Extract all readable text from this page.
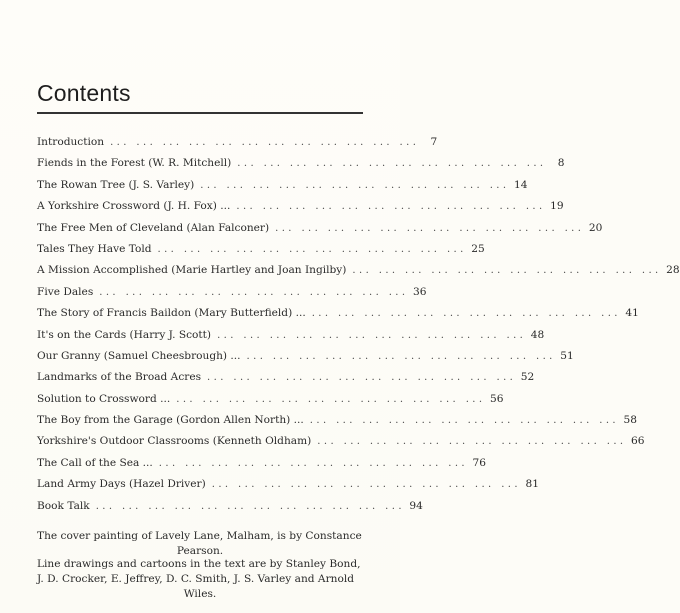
Contents
Introduction ... ... ... ... ... ... ... ... ... ... ... ...	7
Fiends in the Forest (W. R. Mitchell) ... ... ... ... ... ... ... ... ... ... ... ...	8
The Rowan Tree (J. S. Varley) ... ... ... ... ... ... ... ... ... ... ... ... 14
A Yorkshire Crossword (J. H. Fox) ... ... ... ... ... ... ... ... ... ... ... ... ... 19
The Free Men of Cleveland (Alan Falconer) ... ... ... ... ... ... ... ... ... ... ... ... 20
Tales They Have Told ... ... ... ... ... ... ... ... ... ... ... ... 25
A Mission Accomplished (Marie Hartley and Joan Ingilby) ... ... ... ... ... ... ... ... ... ... ... ... 28
Five Dales ... ... ... ... ... ... ... ... ... ... ... ... 36
The Story of Francis Baildon (Mary Butterfield) ... ... ... ... ... ... ... ... ... ... ... ... ... 41
It's on the Cards (Harry J. Scott) ... ... ... ... ... ... ... ... ... ... ... ... 48
Our Granny (Samuel Cheesbrough) ... ... ... ... ... ... ... ... ... ... ... ... ... 51
Landmarks of the Broad Acres ... ... ... ... ... ... ... ... ... ... ... ... 52
Solution to Crossword ... ... ... ... ... ... ... ... ... ... ... ... ... 56
The Boy from the Garage (Gordon Allen North) ... ... ... ... ... ... ... ... ... ... ... ... ... 58
Yorkshire's Outdoor Classrooms (Kenneth Oldham) ... ... ... ... ... ... ... ... ... ... ... ... 66
The Call of the Sea ... ... ... ... ... ... ... ... ... ... ... ... ... 76
Land Army Days (Hazel Driver) ... ... ... ... ... ... ... ... ... ... ... ... 81
Book Talk ... ... ... ... ... ... ... ... ... ... ... ... 94
The cover painting of Lavely Lane, Malham, is by Constance
Pearson.
Line drawings and cartoons in the text are by Stanley Bond,
J. D. Crocker, E. Jeffrey, D. C. Smith, J. S. Varley and Arnold
Wiles.
